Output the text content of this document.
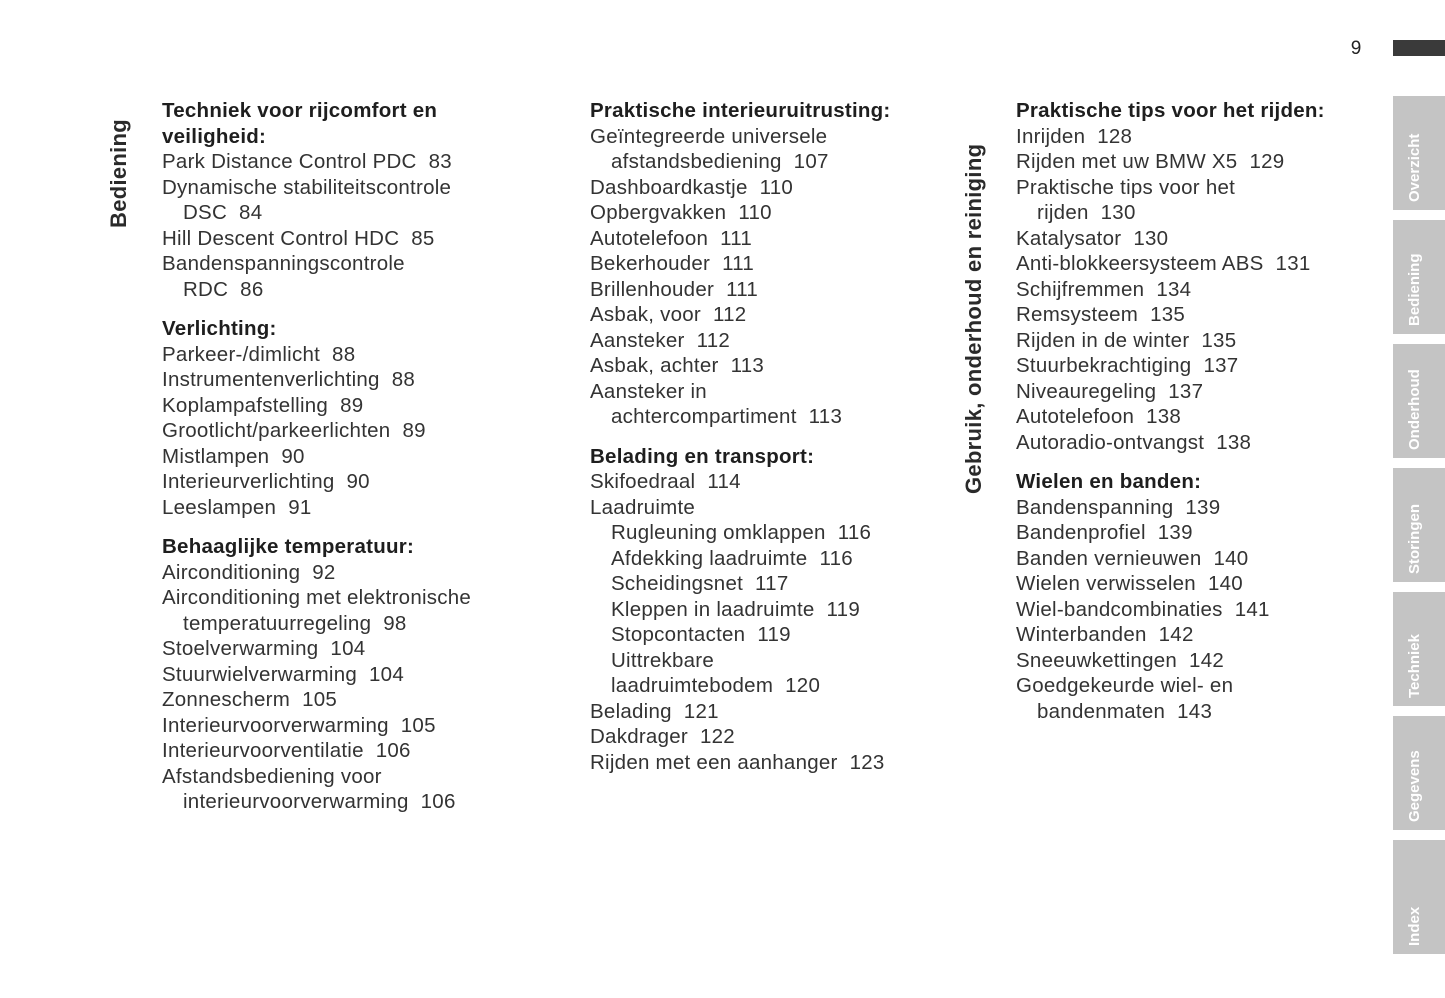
9
Bediening	Gebruik, onderhoud en reiniging
Techniek voor rijcomfort en
veiligheid:
Park Distance Control PDC 83
Dynamische stabiliteitscontrole
DSC 84
Hill Descent Control HDC 85
Bandenspanningscontrole
RDC 86
Verlichting:
Parkeer-/dimlicht 88
Instrumentenverlichting 88
Koplampafstelling 89
Grootlicht/parkeerlichten 89
Mistlampen 90
Interieurverlichting 90
Leeslampen 91
Behaaglijke temperatuur:
Airconditioning 92
Airconditioning met elektronische
temperatuurregeling 98
Stoelverwarming 104
Stuurwielverwarming 104
Zonnescherm 105
Interieurvoorverwarming 105
Interieurvoorventilatie 106
Afstandsbediening voor
interieurvoorverwarming 106
Praktische interieuruitrusting:
Geïntegreerde universele
afstandsbediening 107
Dashboardkastje 110
Opbergvakken 110
Autotelefoon 111
Bekerhouder 111
Brillenhouder 111
Asbak, voor 112
Aansteker 112
Asbak, achter 113
Aansteker in
achtercompartiment 113
Belading en transport:
Skifoedraal 114
Laadruimte
Rugleuning omklappen 116
Afdekking laadruimte 116
Scheidingsnet 117
Kleppen in laadruimte 119
Stopcontacten 119
Uittrekbare
laadruimtebodem 120
Belading 121
Dakdrager 122
Rijden met een aanhanger 123
Praktische tips voor het rijden:
Inrijden 128
Rijden met uw BMW X5 129
Praktische tips voor het
rijden 130
Katalysator 130
Anti-blokkeersysteem ABS 131
Schijfremmen 134
Remsysteem 135
Rijden in de winter 135
Stuurbekrachtiging 137
Niveauregeling 137
Autotelefoon 138
Autoradio-ontvangst 138
Wielen en banden:
Bandenspanning 139
Bandenprofiel 139
Banden vernieuwen 140
Wielen verwisselen 140
Wiel-bandcombinaties 141
Winterbanden 142
Sneeuwkettingen 142
Goedgekeurde wiel- en
bandenmaten 143
Overzicht
Bediening
Onderhoud
Storingen
Techniek
Gegevens
Index
